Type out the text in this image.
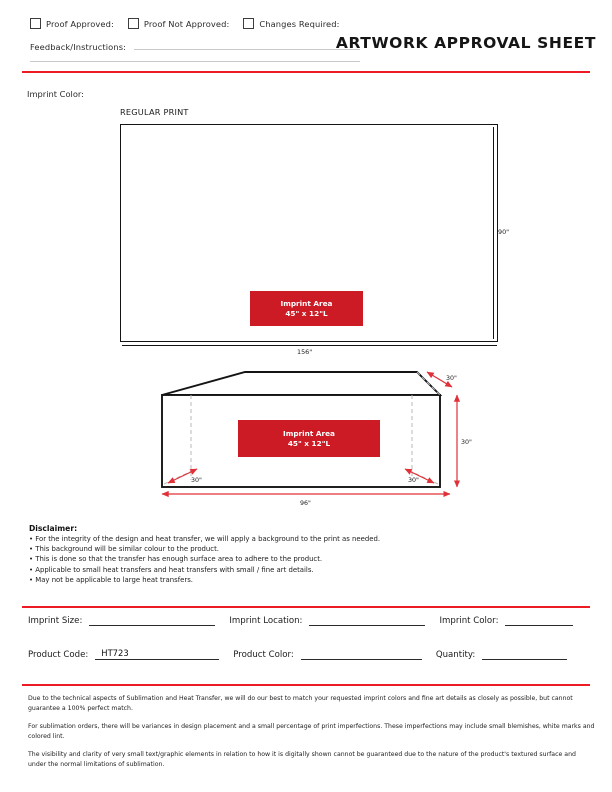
Proof Approved:	Proof Not Approved:	Changes Required:
Feedback/Instructions:	ARTWORK APPROVAL SHEET
Imprint Color:
REGULAR PRINT
Imprint Area
45" x 12"L
90"
156"
30"
30"
30"	30"
96"
Imprint Area
45" x 12"L
Disclaimer:
• For the integrity of the design and heat transfer, we will apply a background to the print as needed.
• This background will be similar colour to the product.
• This is done so that the transfer has enough surface area to adhere to the product.
• Applicable to small heat transfers and heat transfers with small / fine art details.
• May not be applicable to large heat transfers.
Imprint Size:	Imprint Location:	Imprint Color:
Product Code: HT723	Product Color:	Quantity:

Due to the technical aspects of Sublimation and Heat Transfer, we will do our best to match your requested imprint colors and fine art details as closely as possible, but cannot guarantee a 100% perfect match.

For sublimation orders, there will be variances in design placement and a small percentage of print imperfections. These imperfections may include small blemishes, white marks and colored lint.

The visibility and clarity of very small text/graphic elements in relation to how it is digitally shown cannot be guaranteed due to the nature of the product's textured surface and under the normal limitations of sublimation.
